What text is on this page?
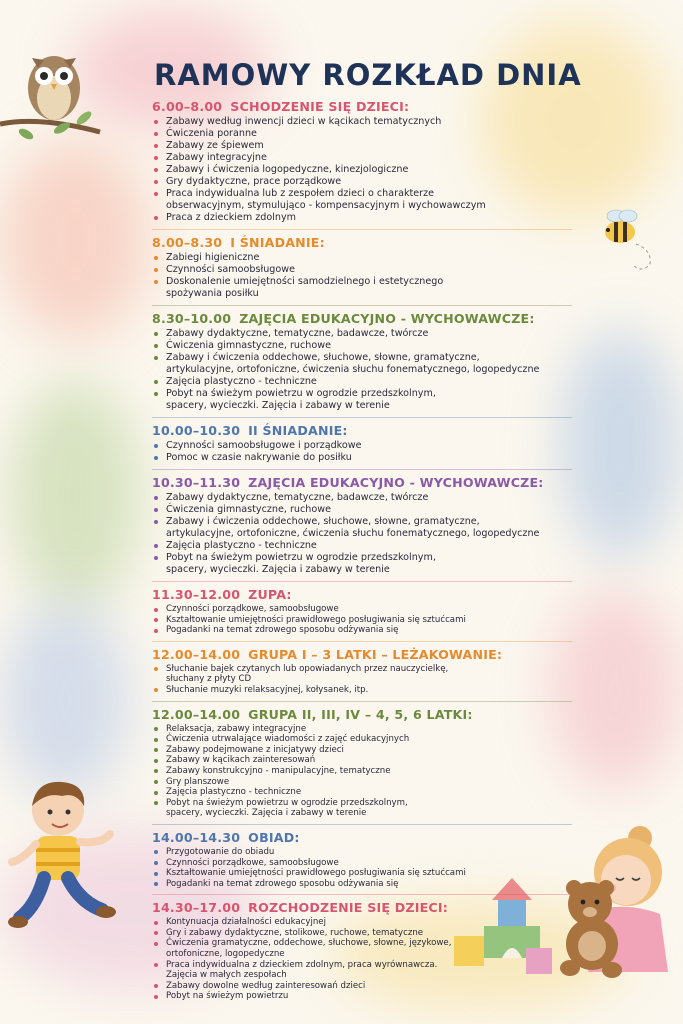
RAMOWY ROZKŁAD DNIA
6.00–8.00 SCHODZENIE SIĘ DZIECI:
Zabawy według inwencji dzieci w kącikach tematycznych
Ćwiczenia poranne
Zabawy ze śpiewem
Zabawy integracyjne
Zabawy i ćwiczenia logopedyczne, kinezjologiczne
Gry dydaktyczne, prace porządkowe
Praca indywidualna lub z zespołem dzieci o charakterze
obserwacyjnym, stymulująco - kompensacyjnym i wychowawczym
Praca z dzieckiem zdolnym
8.00–8.30 I ŚNIADANIE:
Zabiegi higieniczne
Czynności samoobsługowe
Doskonalenie umiejętności samodzielnego i estetycznego
spożywania posiłku
8.30–10.00 ZAJĘCIA EDUKACYJNO - WYCHOWAWCZE:
Zabawy dydaktyczne, tematyczne, badawcze, twórcze
Ćwiczenia gimnastyczne, ruchowe
Zabawy i ćwiczenia oddechowe, słuchowe, słowne, gramatyczne,
artykulacyjne, ortofoniczne, ćwiczenia słuchu fonematycznego, logopedyczne
Zajęcia plastyczno - techniczne
Pobyt na świeżym powietrzu w ogrodzie przedszkolnym,
spacery, wycieczki. Zajęcia i zabawy w terenie
10.00–10.30 II ŚNIADANIE:
Czynności samoobsługowe i porządkowe
Pomoc w czasie nakrywanie do posiłku
10.30–11.30 ZAJĘCIA EDUKACYJNO - WYCHOWAWCZE:
Zabawy dydaktyczne, tematyczne, badawcze, twórcze
Ćwiczenia gimnastyczne, ruchowe
Zabawy i ćwiczenia oddechowe, słuchowe, słowne, gramatyczne,
artykulacyjne, ortofoniczne, ćwiczenia słuchu fonematycznego, logopedyczne
Zajęcia plastyczno - techniczne
Pobyt na świeżym powietrzu w ogrodzie przedszkolnym,
spacery, wycieczki. Zajęcia i zabawy w terenie
11.30–12.00 ZUPA:
Czynności porządkowe, samoobsługowe
Kształtowanie umiejętności prawidłowego posługiwania się sztućcami
Pogadanki na temat zdrowego sposobu odżywania się
12.00–14.00 GRUPA I – 3 LATKI – LEŻAKOWANIE:
Słuchanie bajek czytanych lub opowiadanych przez nauczycielkę,
słuchany z płyty CD
Słuchanie muzyki relaksacyjnej, kołysanek, itp.
12.00–14.00 GRUPA II, III, IV – 4, 5, 6 LATKI:
Relaksacja, zabawy integracyjne
Ćwiczenia utrwalające wiadomości z zajęć edukacyjnych
Zabawy podejmowane z inicjatywy dzieci
Zabawy w kącikach zainteresowań
Zabawy konstrukcyjno - manipulacyjne, tematyczne
Gry planszowe
Zajęcia plastyczno - techniczne
Pobyt na świeżym powietrzu w ogrodzie przedszkolnym,
spacery, wycieczki. Zajęcia i zabawy w terenie
14.00–14.30 OBIAD:
Przygotowanie do obiadu
Czynności porządkowe, samoobsługowe
Kształtowanie umiejętności prawidłowego posługiwania się sztućcami
Pogadanki na temat zdrowego sposobu odżywania się
14.30–17.00 ROZCHODZENIE SIĘ DZIECI:
Kontynuacja działalności edukacyjnej
Gry i zabawy dydaktyczne, stolikowe, ruchowe, tematyczne
Ćwiczenia gramatyczne, oddechowe, słuchowe, słowne, językowe,
ortofoniczne, logopedyczne
Praca indywidualna z dzieckiem zdolnym, praca wyrównawcza.
Zajęcia w małych zespołach
Zabawy dowolne według zainteresowań dzieci
Pobyt na świeżym powietrzu
